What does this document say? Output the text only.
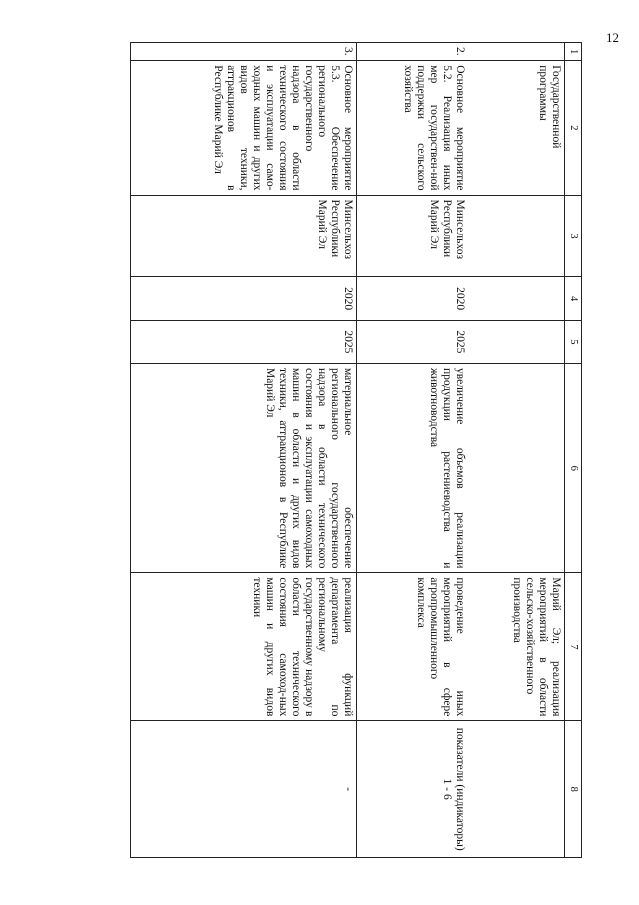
12
1	2	3	4	5	6	7	8
	Государственной программы					Марий Эл; реализация мероприятий в области сельско-хозяйственного производства	
2.	Основное мероприятие 5.2. Реализация иных мер государствен-ной поддержки сельского хозяйства	Минсельхоз Республики Марий Эл	2020	2025	увеличение объемов реализации продукции растениеводства и животноводства	проведение иных мероприятий в сфере агропромышленного комплекса	показатели (индикаторы) 1 - 6
3.	Основное мероприятие 5.3. Обеспечение регионального государственного надзора в области технического состояния и эксплуатации само-ходных машин и других видов техники, аттракционов в Республике Марий Эл	Минсельхоз Республики Марий Эл	2020	2025	материальное обеспечение регионального государственного надзора в области технического состояния и эксплуатации самоходных машин в области и других видов техники, аттракционов в Республике Марий Эл	реализация функций департамента по региональному государственному надзору в области технического состояния самоход-ных машин и других видов техники	-
